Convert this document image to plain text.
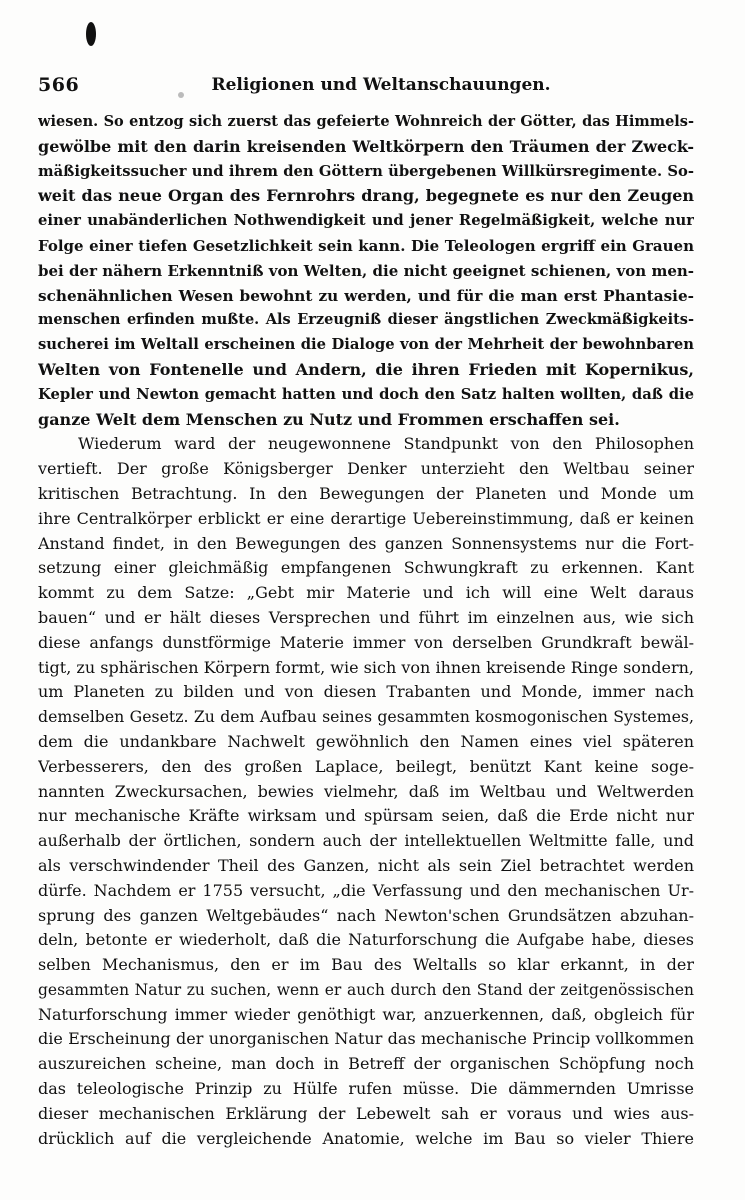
566	Religionen und Weltanschauungen.
wiesen. So entzog sich zuerst das gefeierte Wohnreich der Götter, das Himmels-
gewölbe mit den darin kreisenden Weltkörpern den Träumen der Zweck-
mäßigkeitssucher und ihrem den Göttern übergebenen Willkürsregimente. So-
weit das neue Organ des Fernrohrs drang, begegnete es nur den Zeugen
einer unabänderlichen Nothwendigkeit und jener Regelmäßigkeit, welche nur
Folge einer tiefen Gesetzlichkeit sein kann. Die Teleologen ergriff ein Grauen
bei der nähern Erkenntniß von Welten, die nicht geeignet schienen, von men-
schenähnlichen Wesen bewohnt zu werden, und für die man erst Phantasie-
menschen erfinden mußte. Als Erzeugniß dieser ängstlichen Zweckmäßigkeits-
sucherei im Weltall erscheinen die Dialoge von der Mehrheit der bewohnbaren
Welten von Fontenelle und Andern, die ihren Frieden mit Kopernikus,
Kepler und Newton gemacht hatten und doch den Satz halten wollten, daß die
ganze Welt dem Menschen zu Nutz und Frommen erschaffen sei.
Wiederum ward der neugewonnene Standpunkt von den Philosophen
vertieft. Der große Königsberger Denker unterzieht den Weltbau seiner
kritischen Betrachtung. In den Bewegungen der Planeten und Monde um
ihre Centralkörper erblickt er eine derartige Uebereinstimmung, daß er keinen
Anstand findet, in den Bewegungen des ganzen Sonnensystems nur die Fort-
setzung einer gleichmäßig empfangenen Schwungkraft zu erkennen. Kant
kommt zu dem Satze: „Gebt mir Materie und ich will eine Welt daraus
bauen“ und er hält dieses Versprechen und führt im einzelnen aus, wie sich
diese anfangs dunstförmige Materie immer von derselben Grundkraft bewäl-
tigt, zu sphärischen Körpern formt, wie sich von ihnen kreisende Ringe sondern,
um Planeten zu bilden und von diesen Trabanten und Monde, immer nach
demselben Gesetz. Zu dem Aufbau seines gesammten kosmogonischen Systemes,
dem die undankbare Nachwelt gewöhnlich den Namen eines viel späteren
Verbesserers, den des großen Laplace, beilegt, benützt Kant keine soge-
nannten Zweckursachen, bewies vielmehr, daß im Weltbau und Weltwerden
nur mechanische Kräfte wirksam und spürsam seien, daß die Erde nicht nur
außerhalb der örtlichen, sondern auch der intellektuellen Weltmitte falle, und
als verschwindender Theil des Ganzen, nicht als sein Ziel betrachtet werden
dürfe. Nachdem er 1755 versucht, „die Verfassung und den mechanischen Ur-
sprung des ganzen Weltgebäudes“ nach Newton'schen Grundsätzen abzuhan-
deln, betonte er wiederholt, daß die Naturforschung die Aufgabe habe, dieses
selben Mechanismus, den er im Bau des Weltalls so klar erkannt, in der
gesammten Natur zu suchen, wenn er auch durch den Stand der zeitgenössischen
Naturforschung immer wieder genöthigt war, anzuerkennen, daß, obgleich für
die Erscheinung der unorganischen Natur das mechanische Princip vollkommen
auszureichen scheine, man doch in Betreff der organischen Schöpfung noch
das teleologische Prinzip zu Hülfe rufen müsse. Die dämmernden Umrisse
dieser mechanischen Erklärung der Lebewelt sah er voraus und wies aus-
drücklich auf die vergleichende Anatomie, welche im Bau so vieler Thiere
